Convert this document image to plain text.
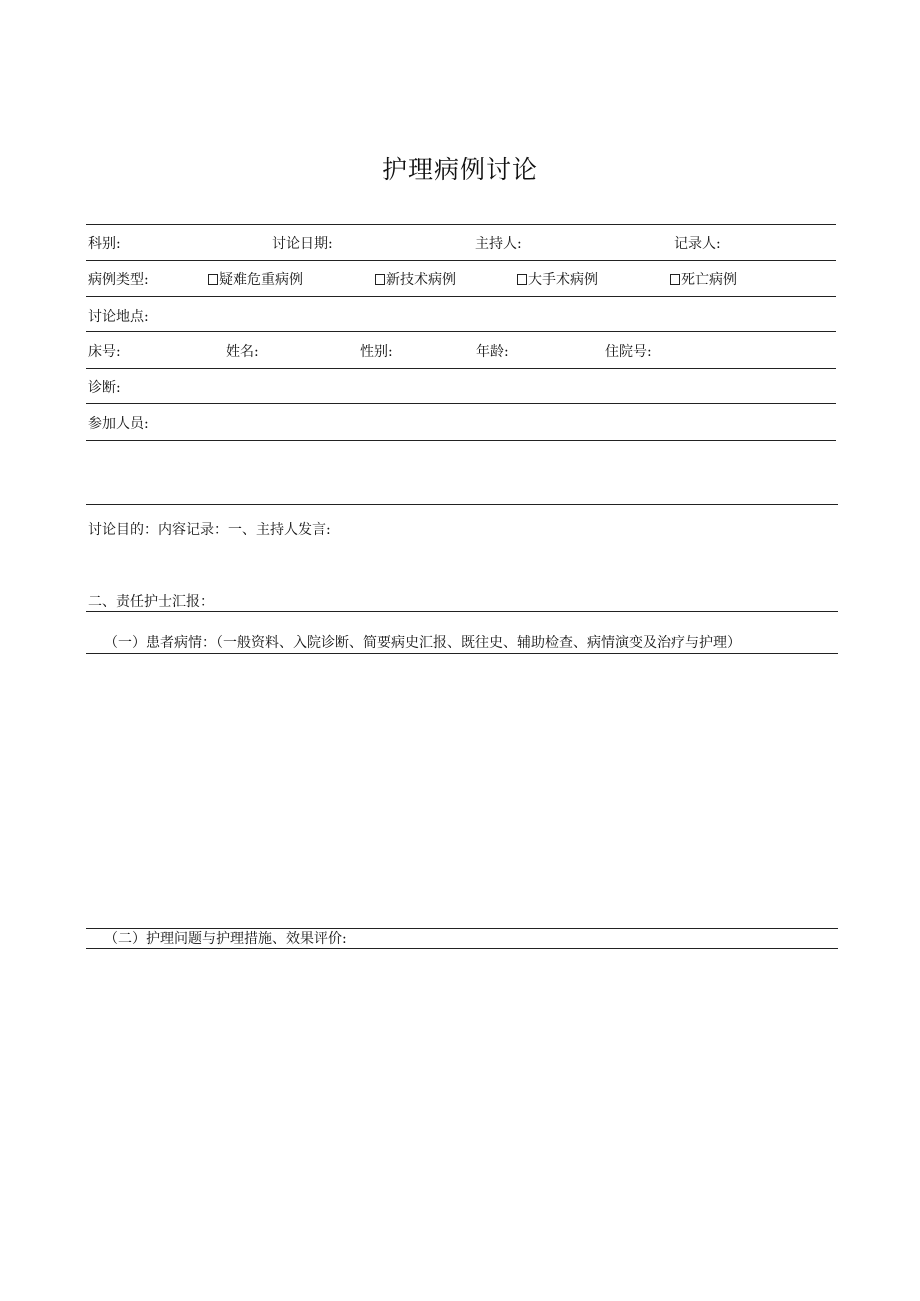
护理病例讨论
科别:	讨论日期:	主持人:	记录人:
病例类型:	疑难危重病例	新技术病例	大手术病例	死亡病例
讨论地点:
床号:	姓名:	性别:	年龄:	住院号:
诊断:
参加人员:
讨论目的：内容记录：一、主持人发言:
二、责任护士汇报：
（一）患者病情：（一般资料、入院诊断、简要病史汇报、既往史、辅助检查、病情演变及治疗与护理）
（二）护理问题与护理措施、效果评价:
